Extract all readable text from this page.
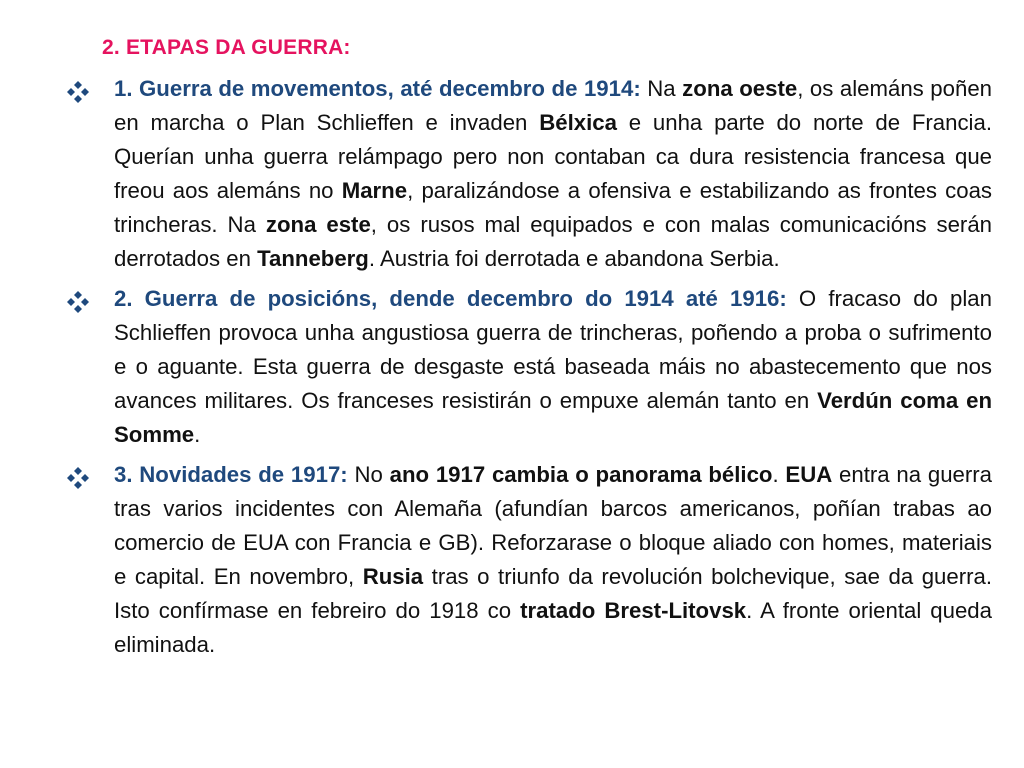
2. ETAPAS DA GUERRA:
1. Guerra de movementos, até decembro de 1914: Na zona oeste, os alemáns poñen en marcha o Plan Schlieffen e invaden Bélxica e unha parte do norte de Francia. Querían unha guerra relámpago pero non contaban ca dura resistencia francesa que freou aos alemáns no Marne, paralizándose a ofensiva e estabilizando as frontes coas trincheras. Na zona este, os rusos mal equipados e con malas comunicacións serán derrotados en Tanneberg. Austria foi derrotada e abandona Serbia.
2. Guerra de posicións, dende decembro do 1914 até 1916: O fracaso do plan Schlieffen provoca unha angustiosa guerra de trincheras, poñendo a proba o sufrimento e o aguante. Esta guerra de desgaste está baseada máis no abastecemento que nos avances militares. Os franceses resistirán o empuxe alemán tanto en Verdún coma en Somme.
3. Novidades de 1917: No ano 1917 cambia o panorama bélico. EUA entra na guerra tras varios incidentes con Alemaña (afundían barcos americanos, poñían trabas ao comercio de EUA con Francia e GB). Reforzarase o bloque aliado con homes, materiais e capital. En novembro, Rusia tras o triunfo da revolución bolchevique, sae da guerra. Isto confírmase en febreiro do 1918 co tratado Brest-Litovsk. A fronte oriental queda eliminada.
